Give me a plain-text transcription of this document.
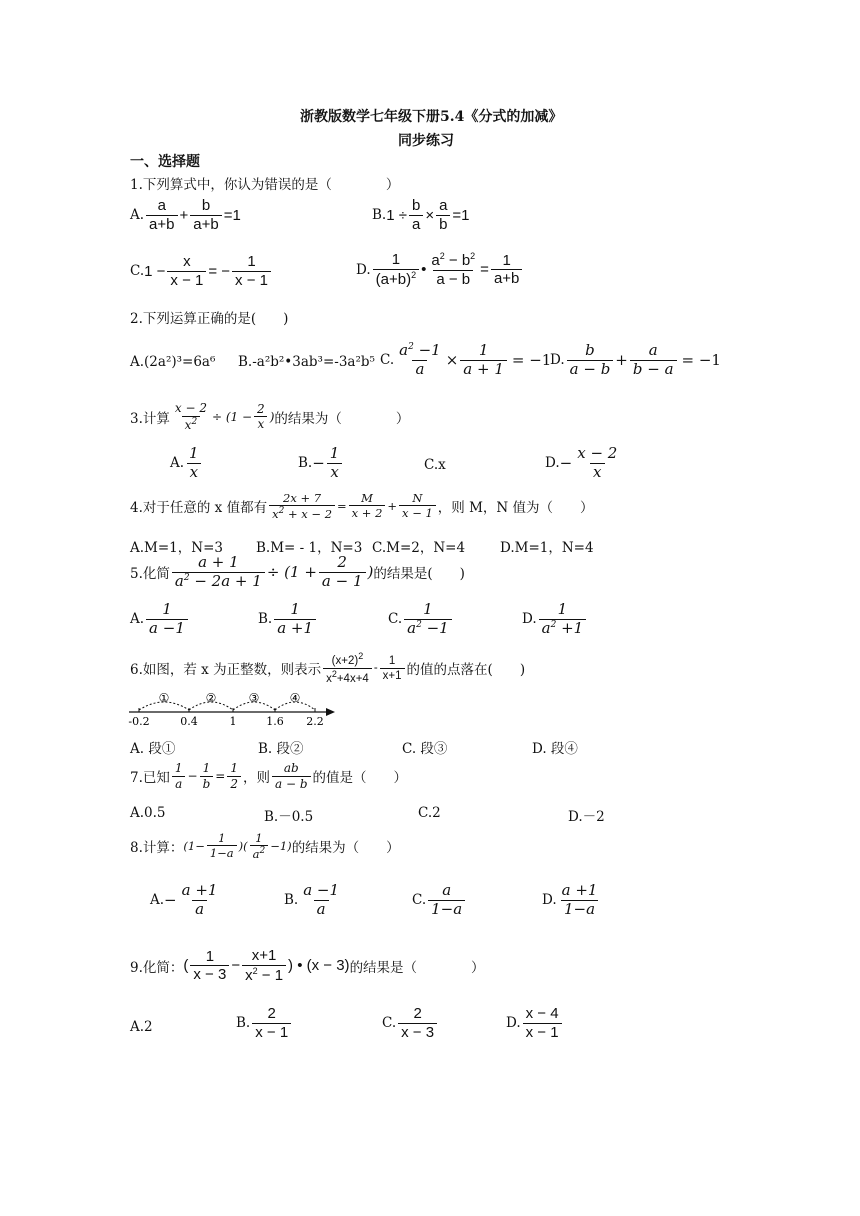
浙教版数学七年级下册5.4《分式的加减》
同步练习
一、选择题
1.下列算式中，你认为错误的是（　　　　）
A. $\frac{a}{a+b} + \frac{b}{a+b} =1$	B. $1 \div \frac{b}{a} \times \frac{a}{b} =1$
C. $1 - \frac{x}{x - 1}$ = − $\frac{1}{x - 1}$	D. $\frac{1}{(a+b)^2}$ • $\frac{a^2 - b^2}{a - b} = \frac{1}{a+b}$
2.下列运算正确的是(　　)
A.(2a²)³=6a⁶ B.-a²b²•3ab³=-3a²b⁵ C. $\frac{a^2 -1}{a} \times \frac{1}{a + 1} = -1$
D. $\frac{b}{a - b} + \frac{a}{b - a} = -1$
3.计算 $\frac{x - 2}{x^2} \div (1 - \frac{2}{x}$ ) 的结果为（　　　　）
A. $\frac{1}{x}$	B. − $\frac{1}{x}$	C.x	D. − $\frac{x - 2}{x}$
4.对于任意的 x 值都有 $\frac{2x + 7}{x^2 + x - 2} = \frac{M}{x + 2} + \frac{N}{x - 1}$ ，则 M，N 值为（　　）
A.M=1，N=3 B.M= - 1，N=3 C.M=2，N=4	D.M=1，N=4
5.化简 $\frac{a + 1}{a^2 - 2a + 1} \div (1 + \frac{2}{a - 1}$ ) 的结果是(　　)
A. $\frac{1}{a -1}$	B. $\frac{1}{a +1}$	C. $\frac{1}{a^2 -1}$	D. $\frac{1}{a^2 +1}$
6.如图，若 x 为正整数，则表示 $\frac{(x+2)^2}{x^2+4x+4} - \frac{1}{x+1}$ 的值的点落在(　　)
-0.2	0.4	1	1.6 2.2
①	②	③	④
A. 段①	B. 段②	C. 段③	D. 段④
7.已知 $\frac{1}{a} - \frac{1}{b} = \frac{1}{2}$ ，则 $\frac{ab}{a - b}$ 的值是（　　）
A.0.5	B.－0.5	C.2	D.－2
8.计算： ($1- \frac{1}{1-a}$ )( $\frac{1}{a^2} -1$) 的结果为（　　）
A. − $\frac{a +1}{a}$	B. $\frac{a -1}{a}$	C. $\frac{a}{1-a}$	D. $\frac{a +1}{1-a}$
9.化简： ( $\frac{1}{x - 3} - \frac{x+1}{x^2 - 1}$ ) • (x − 3) 的结果是（　　　　）
A.2	B. $\frac{2}{x - 1}$	C. $\frac{2}{x - 3}$	D. $\frac{x - 4}{x - 1}$
